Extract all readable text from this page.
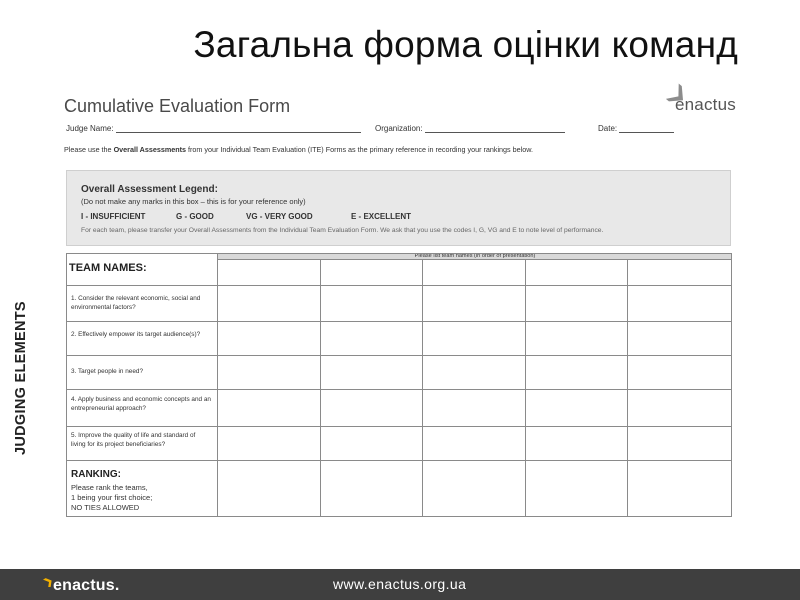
Загальна форма оцінки команд
Cumulative Evaluation Form	enactus
Judge Name:	Organization:	Date:
Please use the Overall Assessments from your Individual Team Evaluation (ITE) Forms as the primary reference in recording your rankings below.
Overall Assessment Legend:
(Do not make any marks in this box – this is for your reference only)
I - INSUFFICIENT	G - GOOD	VG - VERY GOOD	E - EXCELLENT
For each team, please transfer your Overall Assessments from the Individual Team Evaluation Form. We ask that you use the codes I, G, VG and E to note level of performance.
Please list team names (in order of presentation)
TEAM NAMES:
1. Consider the relevant economic, social and environmental factors?
2. Effectively empower its target audience(s)?
3. Target people in need?
4. Apply business and economic concepts and an entrepreneurial approach?
5. Improve the quality of life and standard of living for its project beneficiaries?
RANKING:
Please rank the teams,
1 being your first choice;
NO TIES ALLOWED
JUDGING ELEMENTS
enactus.	www.enactus.org.ua
